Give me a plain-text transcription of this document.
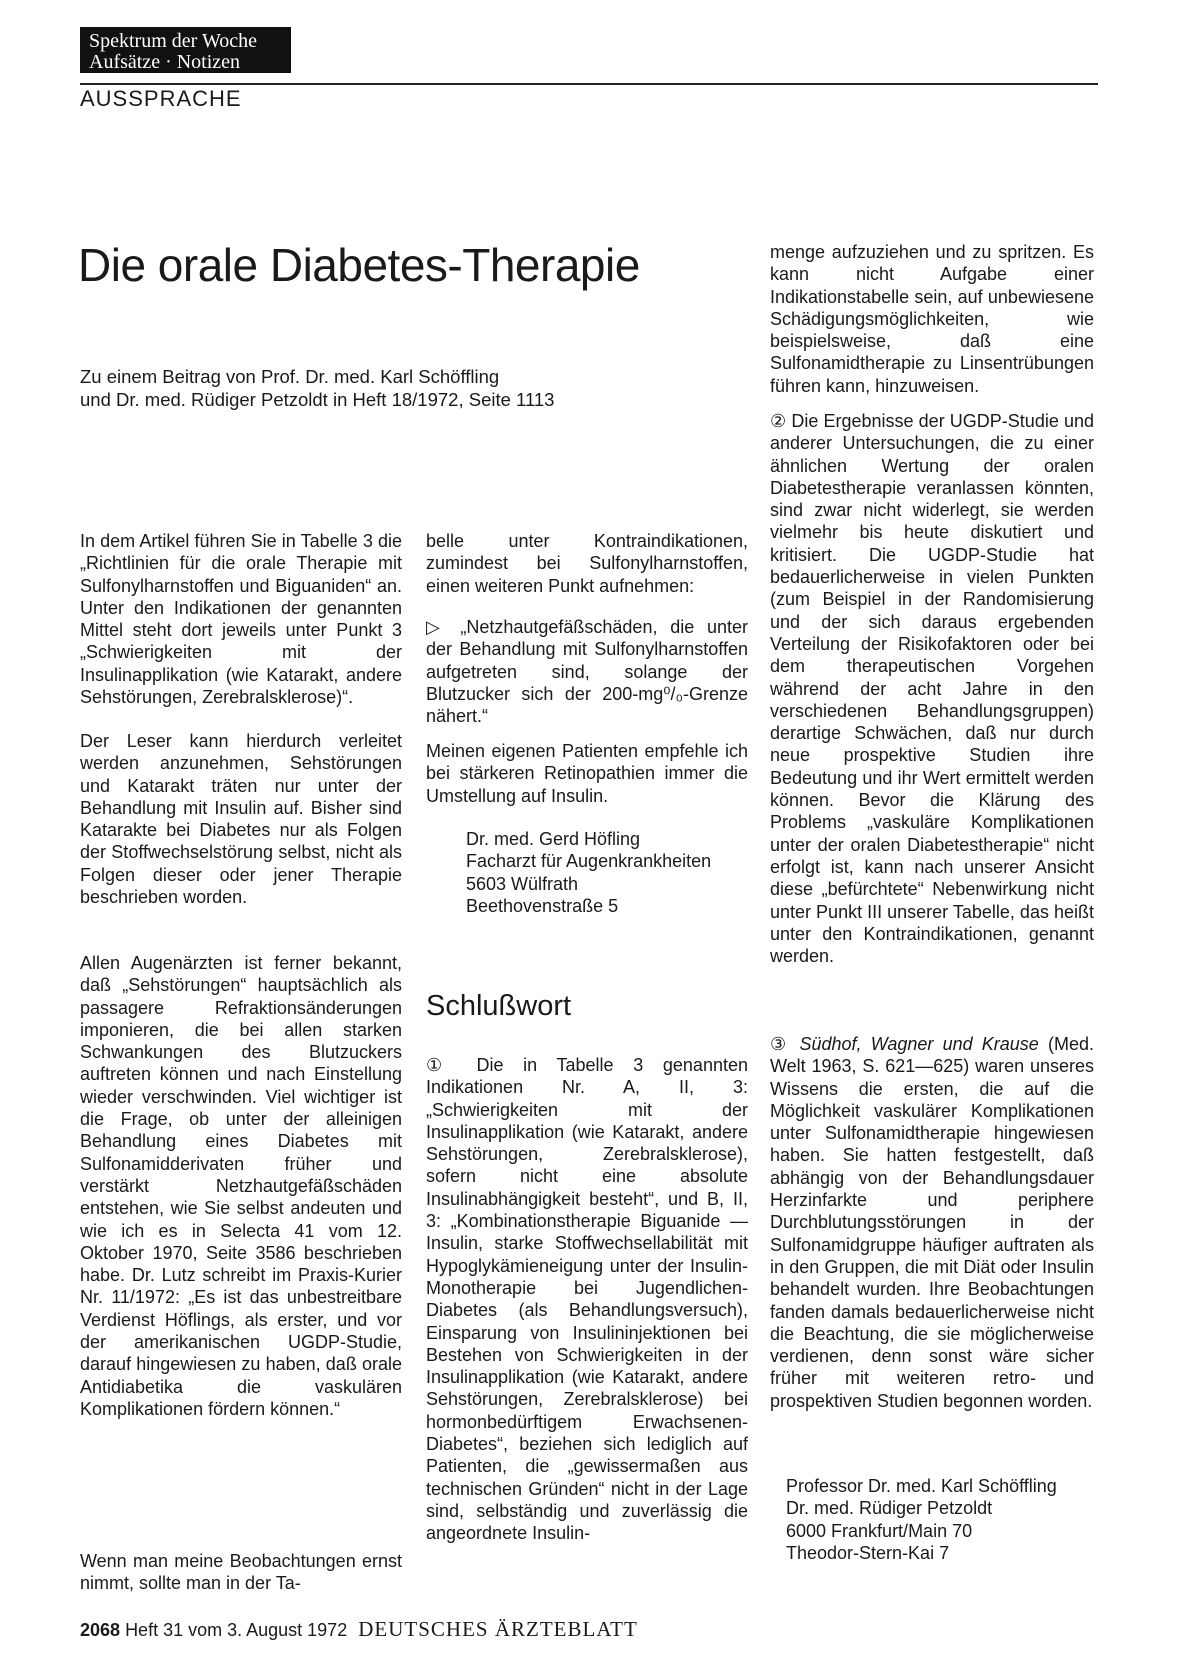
Spektrum der Woche
Aufsätze · Notizen
AUSSPRACHE
Die orale Diabetes-Therapie
Zu einem Beitrag von Prof. Dr. med. Karl Schöffling
und Dr. med. Rüdiger Petzoldt in Heft 18/1972, Seite 1113

In dem Artikel führen Sie in Tabelle 3 die „Richtlinien für die orale Therapie mit Sulfonylharnstoffen und Biguaniden“ an. Unter den Indikationen der genannten Mittel steht dort jeweils unter Punkt 3 „Schwierigkeiten mit der Insulinapplikation (wie Katarakt, andere Sehstörungen, Zerebralsklerose)“.

Der Leser kann hierdurch verleitet werden anzunehmen, Sehstörungen und Katarakt träten nur unter der Behandlung mit Insulin auf. Bisher sind Katarakte bei Diabetes nur als Folgen der Stoffwechselstörung selbst, nicht als Folgen dieser oder jener Therapie beschrieben worden.

Allen Augenärzten ist ferner bekannt, daß „Sehstörungen“ hauptsächlich als passagere Refraktionsänderungen imponieren, die bei allen starken Schwankungen des Blutzuckers auftreten können und nach Einstellung wieder verschwinden. Viel wichtiger ist die Frage, ob unter der alleinigen Behandlung eines Diabetes mit Sulfonamidderivaten früher und verstärkt Netzhautgefäßschäden entstehen, wie Sie selbst andeuten und wie ich es in Selecta 41 vom 12. Oktober 1970, Seite 3586 beschrieben habe. Dr. Lutz schreibt im Praxis-Kurier Nr. 11/1972: „Es ist das unbestreitbare Verdienst Höflings, als erster, und vor der amerikanischen UGDP-Studie, darauf hingewiesen zu haben, daß orale Antidiabetika die vaskulären Komplikationen fördern können.“

Wenn man meine Beobachtungen ernst nimmt, sollte man in der Ta-

belle unter Kontraindikationen, zumindest bei Sulfonylharnstoffen, einen weiteren Punkt aufnehmen:

▷ „Netzhautgefäßschäden, die unter der Behandlung mit Sulfonylharnstoffen aufgetreten sind, solange der Blutzucker sich der 200-mg⁰/₀-Grenze nähert.“

Meinen eigenen Patienten empfehle ich bei stärkeren Retinopathien immer die Umstellung auf Insulin.

Dr. med. Gerd Höfling
Facharzt für Augenkrankheiten
5603 Wülfrath
Beethovenstraße 5
Schlußwort

① Die in Tabelle 3 genannten Indikationen Nr. A, II, 3: „Schwierigkeiten mit der Insulinapplikation (wie Katarakt, andere Sehstörungen, Zerebralsklerose), sofern nicht eine absolute Insulinabhängigkeit besteht“, und B, II, 3: „Kombinationstherapie Biguanide — Insulin, starke Stoffwechsellabilität mit Hypoglykämieneigung unter der Insulin-Monotherapie bei Jugendlichen-Diabetes (als Behandlungsversuch), Einsparung von Insulininjektionen bei Bestehen von Schwierigkeiten in der Insulinapplikation (wie Katarakt, andere Sehstörungen, Zerebralsklerose) bei hormonbedürftigem Erwachsenen-Diabetes“, beziehen sich lediglich auf Patienten, die „gewissermaßen aus technischen Gründen“ nicht in der Lage sind, selbständig und zuverlässig die angeordnete Insulin-

menge aufzuziehen und zu spritzen. Es kann nicht Aufgabe einer Indikationstabelle sein, auf unbewiesene Schädigungsmöglichkeiten, wie beispielsweise, daß eine Sulfonamidtherapie zu Linsentrübungen führen kann, hinzuweisen.

② Die Ergebnisse der UGDP-Studie und anderer Untersuchungen, die zu einer ähnlichen Wertung der oralen Diabetestherapie veranlassen könnten, sind zwar nicht widerlegt, sie werden vielmehr bis heute diskutiert und kritisiert. Die UGDP-Studie hat bedauerlicherweise in vielen Punkten (zum Beispiel in der Randomisierung und der sich daraus ergebenden Verteilung der Risikofaktoren oder bei dem therapeutischen Vorgehen während der acht Jahre in den verschiedenen Behandlungsgruppen) derartige Schwächen, daß nur durch neue prospektive Studien ihre Bedeutung und ihr Wert ermittelt werden können. Bevor die Klärung des Problems „vaskuläre Komplikationen unter der oralen Diabetestherapie“ nicht erfolgt ist, kann nach unserer Ansicht diese „befürchtete“ Nebenwirkung nicht unter Punkt III unserer Tabelle, das heißt unter den Kontraindikationen, genannt werden.

③ Südhof, Wagner und Krause (Med. Welt 1963, S. 621—625) waren unseres Wissens die ersten, die auf die Möglichkeit vaskulärer Komplikationen unter Sulfonamidtherapie hingewiesen haben. Sie hatten festgestellt, daß abhängig von der Behandlungsdauer Herzinfarkte und periphere Durchblutungsstörungen in der Sulfonamidgruppe häufiger auftraten als in den Gruppen, die mit Diät oder Insulin behandelt wurden. Ihre Beobachtungen fanden damals bedauerlicherweise nicht die Beachtung, die sie möglicherweise verdienen, denn sonst wäre sicher früher mit weiteren retro- und prospektiven Studien begonnen worden.

Professor Dr. med. Karl Schöffling
Dr. med. Rüdiger Petzoldt
6000 Frankfurt/Main 70
Theodor-Stern-Kai 7
2068 Heft 31 vom 3. August 1972 DEUTSCHES ÄRZTEBLATT
